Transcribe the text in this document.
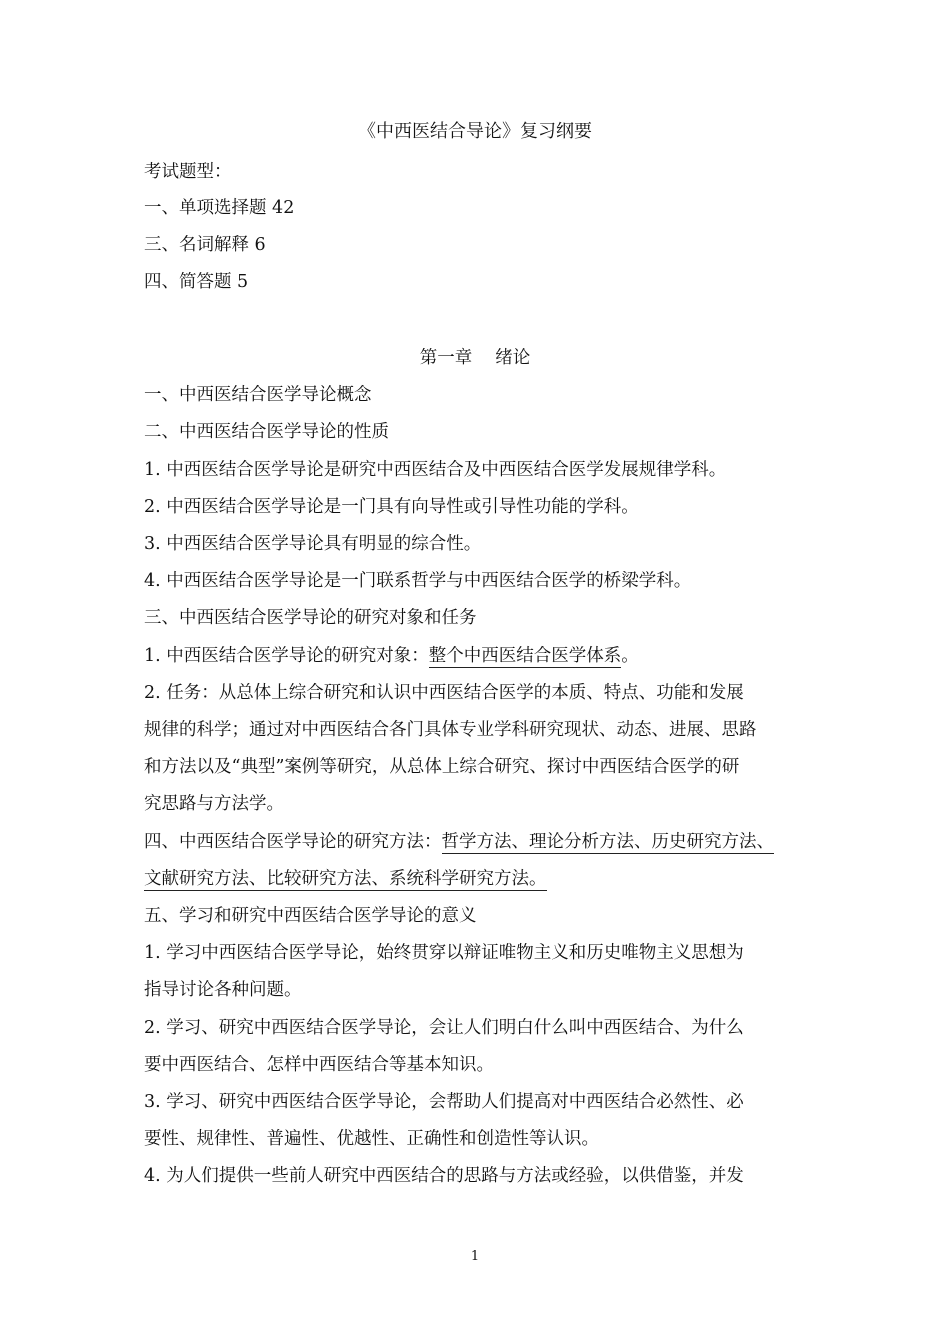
《中西医结合导论》复习纲要
考试题型：
一、单项选择题 42
三、名词解释 6
四、简答题 5
第一章　 绪论
一、中西医结合医学导论概念
二、中西医结合医学导论的性质
1. 中西医结合医学导论是研究中西医结合及中西医结合医学发展规律学科。
2. 中西医结合医学导论是一门具有向导性或引导性功能的学科。
3. 中西医结合医学导论具有明显的综合性。
4. 中西医结合医学导论是一门联系哲学与中西医结合医学的桥梁学科。
三、中西医结合医学导论的研究对象和任务
1. 中西医结合医学导论的研究对象：整个中西医结合医学体系。
2. 任务：从总体上综合研究和认识中西医结合医学的本质、特点、功能和发展
规律的科学；通过对中西医结合各门具体专业学科研究现状、动态、进展、思路
和方法以及“典型”案例等研究，从总体上综合研究、探讨中西医结合医学的研
究思路与方法学。
四、中西医结合医学导论的研究方法：哲学方法、理论分析方法、历史研究方法、
文献研究方法、比较研究方法、系统科学研究方法。
五、学习和研究中西医结合医学导论的意义
1. 学习中西医结合医学导论，始终贯穿以辩证唯物主义和历史唯物主义思想为
指导讨论各种问题。
2. 学习、研究中西医结合医学导论，会让人们明白什么叫中西医结合、为什么
要中西医结合、怎样中西医结合等基本知识。
3. 学习、研究中西医结合医学导论，会帮助人们提高对中西医结合必然性、必
要性、规律性、普遍性、优越性、正确性和创造性等认识。
4. 为人们提供一些前人研究中西医结合的思路与方法或经验，以供借鉴，并发
1
